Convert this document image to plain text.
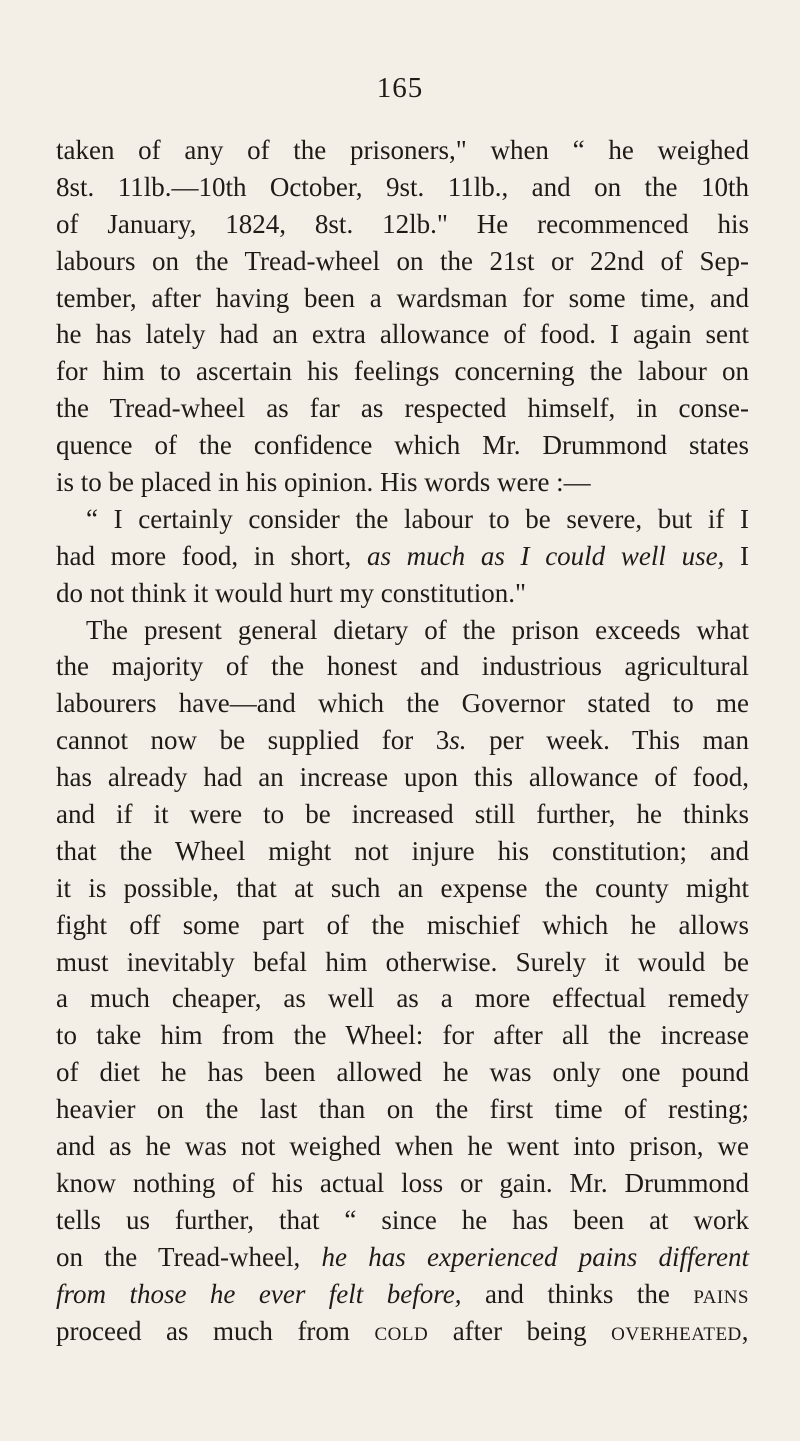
165
taken of any of the prisoners," when “ he weighed
8st. 11lb.—10th October, 9st. 11lb., and on the 10th
of January, 1824, 8st. 12lb." He recommenced his
labours on the Tread-wheel on the 21st or 22nd of Sep-
tember, after having been a wardsman for some time, and
he has lately had an extra allowance of food. I again sent
for him to ascertain his feelings concerning the labour on
the Tread-wheel as far as respected himself, in conse-
quence of the confidence which Mr. Drummond states
is to be placed in his opinion. His words were :—
“ I certainly consider the labour to be severe, but if I
had more food, in short, as much as I could well use, I
do not think it would hurt my constitution."
The present general dietary of the prison exceeds what
the majority of the honest and industrious agricultural
labourers have—and which the Governor stated to me
cannot now be supplied for 3s. per week. This man
has already had an increase upon this allowance of food,
and if it were to be increased still further, he thinks
that the Wheel might not injure his constitution; and
it is possible, that at such an expense the county might
fight off some part of the mischief which he allows
must inevitably befal him otherwise. Surely it would be
a much cheaper, as well as a more effectual remedy
to take him from the Wheel: for after all the increase
of diet he has been allowed he was only one pound
heavier on the last than on the first time of resting;
and as he was not weighed when he went into prison, we
know nothing of his actual loss or gain. Mr. Drummond
tells us further, that “ since he has been at work
on the Tread-wheel, he has experienced pains different
from those he ever felt before, and thinks the pains
proceed as much from cold after being overheated,
